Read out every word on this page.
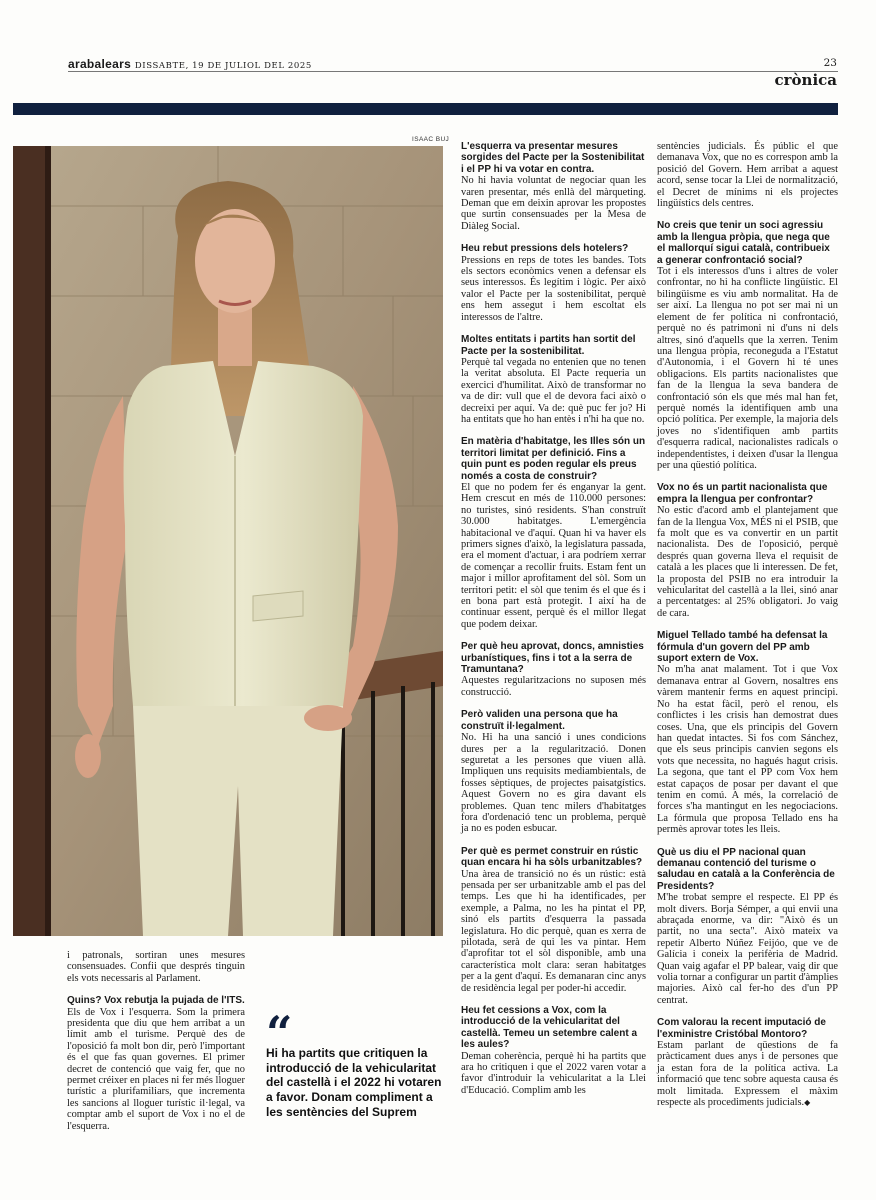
arabalears DISSABTE, 19 DE JULIOL DEL 2025	23
crònica
ISAAC BUJ

i patronals, sortiran unes mesures consensuades. Confii que després tinguin els vots necessaris al Parlament.

Quins? Vox rebutja la pujada de l'ITS.

Els de Vox i l'esquerra. Som la primera presidenta que diu que hem arribat a un límit amb el turisme. Perquè des de l'oposició fa molt bon dir, però l'important és el que fas quan governes. El primer decret de contenció que vaig fer, que no permet créixer en places ni fer més lloguer turístic a plurifamiliars, que incrementa les sancions al lloguer turístic il·legal, va comptar amb el suport de Vox i no el de l'esquerra.

“
Hi ha partits que critiquen la introducció de la vehicularitat del castellà i el 2022 hi votaren a favor. Donam compliment a les sentències del Suprem

L'esquerra va presentar mesures sorgides del Pacte per la Sostenibilitat i el PP hi va votar en contra.

No hi havia voluntat de negociar quan les varen presentar, més enllà del màrqueting. Deman que em deixin aprovar les propostes que surtin consensuades per la Mesa de Diàleg Social.

Heu rebut pressions dels hotelers?

Pressions en reps de totes les bandes. Tots els sectors econòmics venen a defensar els seus interessos. És legítim i lògic. Per això valor el Pacte per la sostenibilitat, perquè ens hem assegut i hem escoltat els interessos de l'altre.

Moltes entitats i partits han sortit del Pacte per la sostenibilitat.

Perquè tal vegada no entenien que no tenen la veritat absoluta. El Pacte requeria un exercici d'humilitat. Això de transformar no va de dir: vull que el de devora faci això o decreixi per aquí. Va de: què puc fer jo? Hi ha entitats que ho han entès i n'hi ha que no.

En matèria d'habitatge, les Illes són un territori limitat per definició. Fins a quin punt es poden regular els preus només a costa de construir?

El que no podem fer és enganyar la gent. Hem crescut en més de 110.000 persones: no turistes, sinó residents. S'han construït 30.000 habitatges. L'emergència habitacional ve d'aquí. Quan hi va haver els primers signes d'això, la legislatura passada, era el moment d'actuar, i ara podríem xerrar de començar a recollir fruits. Estam fent un major i millor aprofitament del sòl. Som un territori petit: el sòl que tenim és el que és i en bona part està protegit. I així ha de continuar essent, perquè és el millor llegat que podem deixar.

Per què heu aprovat, doncs, amnisties urbanístiques, fins i tot a la serra de Tramuntana?

Aquestes regularitzacions no suposen més construcció.

Però validen una persona que ha construït il·legalment.

No. Hi ha una sanció i unes condicions dures per a la regularització. Donen seguretat a les persones que viuen allà. Impliquen uns requisits mediambientals, de fosses sèptiques, de projectes paisatgístics. Aquest Govern no es gira davant els problemes. Quan tenc milers d'habitatges fora d'ordenació tenc un problema, perquè ja no es poden esbucar.

Per què es permet construir en rústic quan encara hi ha sòls urbanitzables?

Una àrea de transició no és un rústic: està pensada per ser urbanitzable amb el pas del temps. Les que hi ha identificades, per exemple, a Palma, no les ha pintat el PP, sinó els partits d'esquerra la passada legislatura. Ho dic perquè, quan es xerra de pilotada, serà de qui les va pintar. Hem d'aprofitar tot el sòl disponible, amb una característica molt clara: seran habitatges per a la gent d'aquí. Es demanaran cinc anys de residència legal per poder-hi accedir.

Heu fet cessions a Vox, com la introducció de la vehicularitat del castellà. Temeu un setembre calent a les aules?

Deman coherència, perquè hi ha partits que ara ho critiquen i que el 2022 varen votar a favor d'introduir la vehicularitat a la Llei d'Educació. Complim amb les

sentències judicials. És públic el que demanava Vox, que no es correspon amb la posició del Govern. Hem arribat a aquest acord, sense tocar la Llei de normalització, el Decret de mínims ni els projectes lingüístics dels centres.

No creis que tenir un soci agressiu amb la llengua pròpia, que nega que el mallorquí sigui català, contribueix a generar confrontació social?

Tot i els interessos d'uns i altres de voler confrontar, no hi ha conflicte lingüístic. El bilingüisme es viu amb normalitat. Ha de ser així. La llengua no pot ser mai ni un element de fer política ni confrontació, perquè no és patrimoni ni d'uns ni dels altres, sinó d'aquells que la xerren. Tenim una llengua pròpia, reconeguda a l'Estatut d'Autonomia, i el Govern hi té unes obligacions. Els partits nacionalistes que fan de la llengua la seva bandera de confrontació són els que més mal han fet, perquè només la identifiquen amb una opció política. Per exemple, la majoria dels joves no s'identifiquen amb partits d'esquerra radical, nacionalistes radicals o independentistes, i deixen d'usar la llengua per una qüestió política.

Vox no és un partit nacionalista que empra la llengua per confrontar?

No estic d'acord amb el plantejament que fan de la llengua Vox, MÉS ni el PSIB, que fa molt que es va convertir en un partit nacionalista. Des de l'oposició, perquè després quan governa lleva el requisit de català a les places que li interessen. De fet, la proposta del PSIB no era introduir la vehicularitat del castellà a la llei, sinó anar a percentatges: al 25% obligatori. Jo vaig de cara.

Miguel Tellado també ha defensat la fórmula d'un govern del PP amb suport extern de Vox.

No m'ha anat malament. Tot i que Vox demanava entrar al Govern, nosaltres ens vàrem mantenir ferms en aquest principi. No ha estat fàcil, però el renou, els conflictes i les crisis han demostrat dues coses. Una, que els principis del Govern han quedat intactes. Si fos com Sánchez, que els seus principis canvien segons els vots que necessita, no hagués hagut crisis. La segona, que tant el PP com Vox hem estat capaços de posar per davant el que tenim en comú. A més, la correlació de forces s'ha mantingut en les negociacions. La fórmula que proposa Tellado ens ha permès aprovar totes les lleis.

Què us diu el PP nacional quan demanau contenció del turisme o saludau en català a la Conferència de Presidents?

M'he trobat sempre el respecte. El PP és molt divers. Borja Sémper, a qui envii una abraçada enorme, va dir: "Això és un partit, no una secta". Això mateix va repetir Alberto Núñez Feijóo, que ve de Galícia i coneix la perifèria de Madrid. Quan vaig agafar el PP balear, vaig dir que volia tornar a configurar un partit d'àmplies majories. Això cal fer-ho des d'un PP centrat.

Com valorau la recent imputació de l'exministre Cristóbal Montoro?

Estam parlant de qüestions de fa pràcticament dues anys i de persones que ja estan fora de la política activa. La informació que tenc sobre aquesta causa és molt limitada. Expressem el màxim respecte als procediments judicials.◆
